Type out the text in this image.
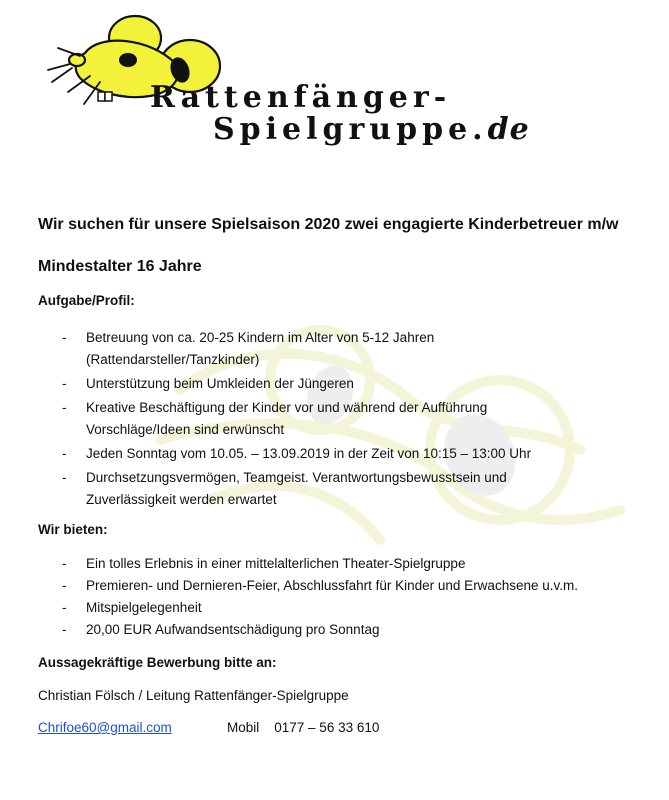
Rattenfänger-
Spielgruppe.de
Wir suchen für unsere Spielsaison 2020 zwei engagierte Kinderbetreuer m/w
Mindestalter 16 Jahre
Aufgabe/Profil:
- Betreuung von ca. 20-25 Kindern im Alter von 5-12 Jahren (Rattendarsteller/Tanzkinder)
- Unterstützung beim Umkleiden der Jüngeren
- Kreative Beschäftigung der Kinder vor und während der Aufführung Vorschläge/Ideen sind erwünscht
- Jeden Sonntag vom 10.05. – 13.09.2019 in der Zeit von 10:15 – 13:00 Uhr
- Durchsetzungsvermögen, Teamgeist. Verantwortungsbewusstsein und Zuverlässigkeit werden erwartet
Wir bieten:
- Ein tolles Erlebnis in einer mittelalterlichen Theater-Spielgruppe
- Premieren- und Dernieren-Feier, Abschlussfahrt für Kinder und Erwachsene u.v.m.
- Mitspielgelegenheit
- 20,00 EUR Aufwandsentschädigung pro Sonntag
Aussagekräftige Bewerbung bitte an:
Christian Fölsch / Leitung Rattenfänger-Spielgruppe
Chrifoe60@gmail.com	Mobil    0177 – 56 33 610
